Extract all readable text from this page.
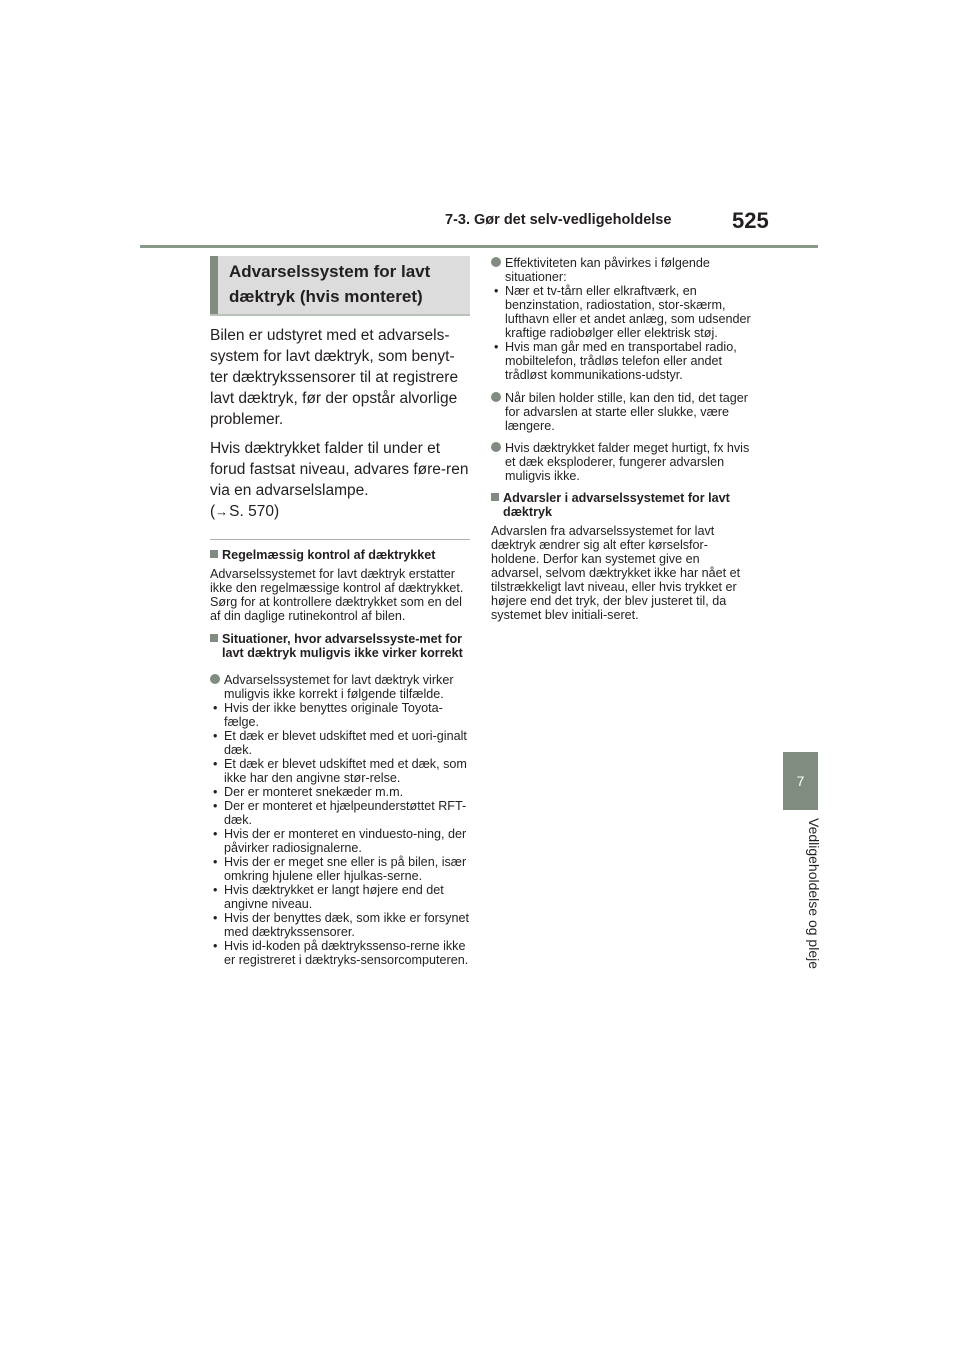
7-3. Gør det selv-vedligeholdelse	525
7
Vedligeholdelse og pleje
Advarselssystem for lavt
dæktryk (hvis monteret)

Bilen er udstyret med et advarsels-system for lavt dæktryk, som benyt-ter dæktrykssensorer til at registrere lavt dæktryk, før der opstår alvorlige problemer.

Hvis dæktrykket falder til under et forud fastsat niveau, advares føre-ren via en advarselslampe.
(→S. 570)

Regelmæssig kontrol af dæktrykket

Advarselssystemet for lavt dæktryk erstatter ikke den regelmæssige kontrol af dæktrykket. Sørg for at kontrollere dæktrykket som en del af din daglige rutinekontrol af bilen.

Situationer, hvor advarselssyste-met for lavt dæktryk muligvis ikke virker korrekt

Advarselssystemet for lavt dæktryk virker muligvis ikke korrekt i følgende tilfælde.

• Hvis der ikke benyttes originale Toyota-fælge.
• Et dæk er blevet udskiftet med et uori-ginalt dæk.
• Et dæk er blevet udskiftet med et dæk, som ikke har den angivne stør-relse.
• Der er monteret snekæder m.m.
• Der er monteret et hjælpeunderstøttet RFT-dæk.
• Hvis der er monteret en vinduesto-ning, der påvirker radiosignalerne.
• Hvis der er meget sne eller is på bilen, især omkring hjulene eller hjulkas-serne.
• Hvis dæktrykket er langt højere end det angivne niveau.
• Hvis der benyttes dæk, som ikke er forsynet med dæktrykssensorer.
• Hvis id-koden på dæktrykssenso-rerne ikke er registreret i dæktryks-sensorcomputeren.

Effektiviteten kan påvirkes i følgende situationer:

• Nær et tv-tårn eller elkraftværk, en benzinstation, radiostation, stor-skærm, lufthavn eller et andet anlæg, som udsender kraftige radiobølger eller elektrisk støj.
• Hvis man går med en transportabel radio, mobiltelefon, trådløs telefon eller andet trådløst kommunikations-udstyr.

Når bilen holder stille, kan den tid, det tager for advarslen at starte eller slukke, være længere.

Hvis dæktrykket falder meget hurtigt, fx hvis et dæk eksploderer, fungerer advarslen muligvis ikke.

Advarsler i advarselssystemet for lavt dæktryk

Advarslen fra advarselssystemet for lavt dæktryk ændrer sig alt efter kørselsfor-holdene. Derfor kan systemet give en advarsel, selvom dæktrykket ikke har nået et tilstrækkeligt lavt niveau, eller hvis trykket er højere end det tryk, der blev justeret til, da systemet blev initiali-seret.
